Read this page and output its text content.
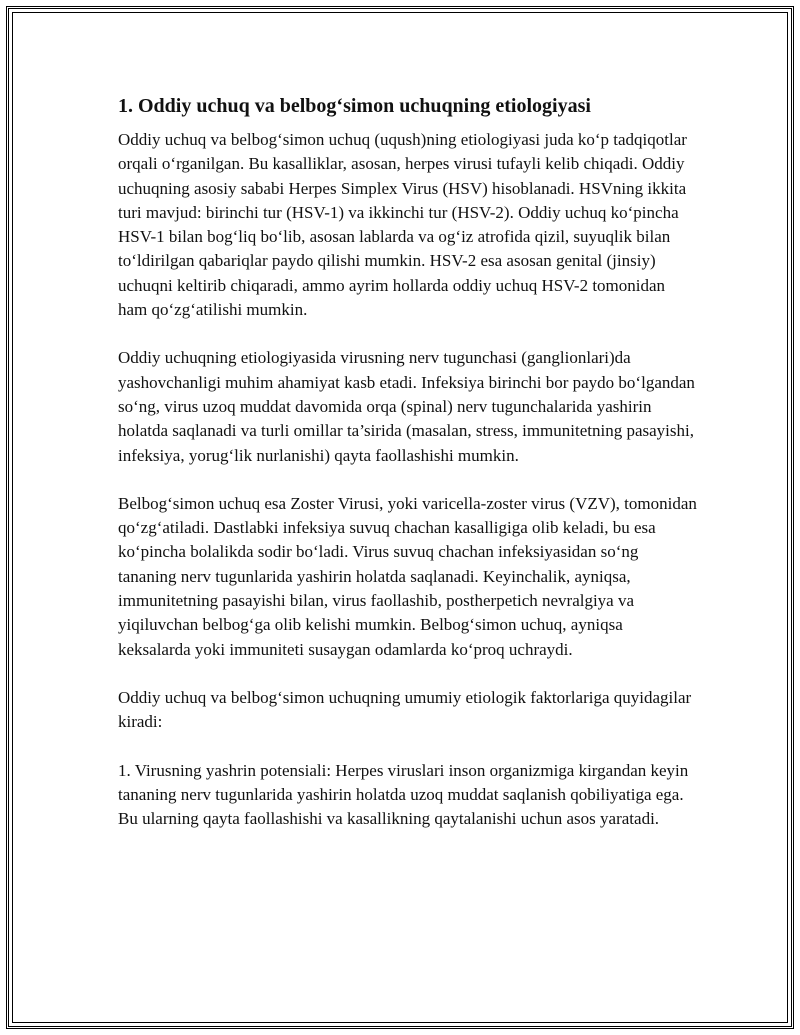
1. Oddiy uchuq va belbog‘simon uchuqning etiologiyasi

Oddiy uchuq va belbog‘simon uchuq (uqush)ning etiologiyasi juda ko‘p tadqiqotlar orqali o‘rganilgan. Bu kasalliklar, asosan, herpes virusi tufayli kelib chiqadi. Oddiy uchuqning asosiy sababi Herpes Simplex Virus (HSV) hisoblanadi. HSVning ikkita turi mavjud: birinchi tur (HSV-1) va ikkinchi tur (HSV-2). Oddiy uchuq ko‘pincha HSV-1 bilan bog‘liq bo‘lib, asosan lablarda va og‘iz atrofida qizil, suyuqlik bilan to‘ldirilgan qabariqlar paydo qilishi mumkin. HSV-2 esa asosan genital (jinsiy) uchuqni keltirib chiqaradi, ammo ayrim hollarda oddiy uchuq HSV-2 tomonidan ham qo‘zg‘atilishi mumkin.

Oddiy uchuqning etiologiyasida virusning nerv tugunchasi (ganglionlari)da yashovchanligi muhim ahamiyat kasb etadi. Infeksiya birinchi bor paydo bo‘lgandan so‘ng, virus uzoq muddat davomida orqa (spinal) nerv tugunchalarida yashirin holatda saqlanadi va turli omillar ta’sirida (masalan, stress, immunitetning pasayishi, infeksiya, yorug‘lik nurlanishi) qayta faollashishi mumkin.

Belbog‘simon uchuq esa Zoster Virusi, yoki varicella-zoster virus (VZV), tomonidan qo‘zg‘atiladi. Dastlabki infeksiya suvuq chachan kasalligiga olib keladi, bu esa ko‘pincha bolalikda sodir bo‘ladi. Virus suvuq chachan infeksiyasidan so‘ng tananing nerv tugunlarida yashirin holatda saqlanadi. Keyinchalik, ayniqsa, immunitetning pasayishi bilan, virus faollashib, postherpetich nevralgiya va yiqiluvchan belbog‘ga olib kelishi mumkin. Belbog‘simon uchuq, ayniqsa keksalarda yoki immuniteti susaygan odamlarda ko‘proq uchraydi.

Oddiy uchuq va belbog‘simon uchuqning umumiy etiologik faktorlariga quyidagilar kiradi:

1. Virusning yashrin potensiali: Herpes viruslari inson organizmiga kirgandan keyin tananing nerv tugunlarida yashirin holatda uzoq muddat saqlanish qobiliyatiga ega. Bu ularning qayta faollashishi va kasallikning qaytalanishi uchun asos yaratadi.
